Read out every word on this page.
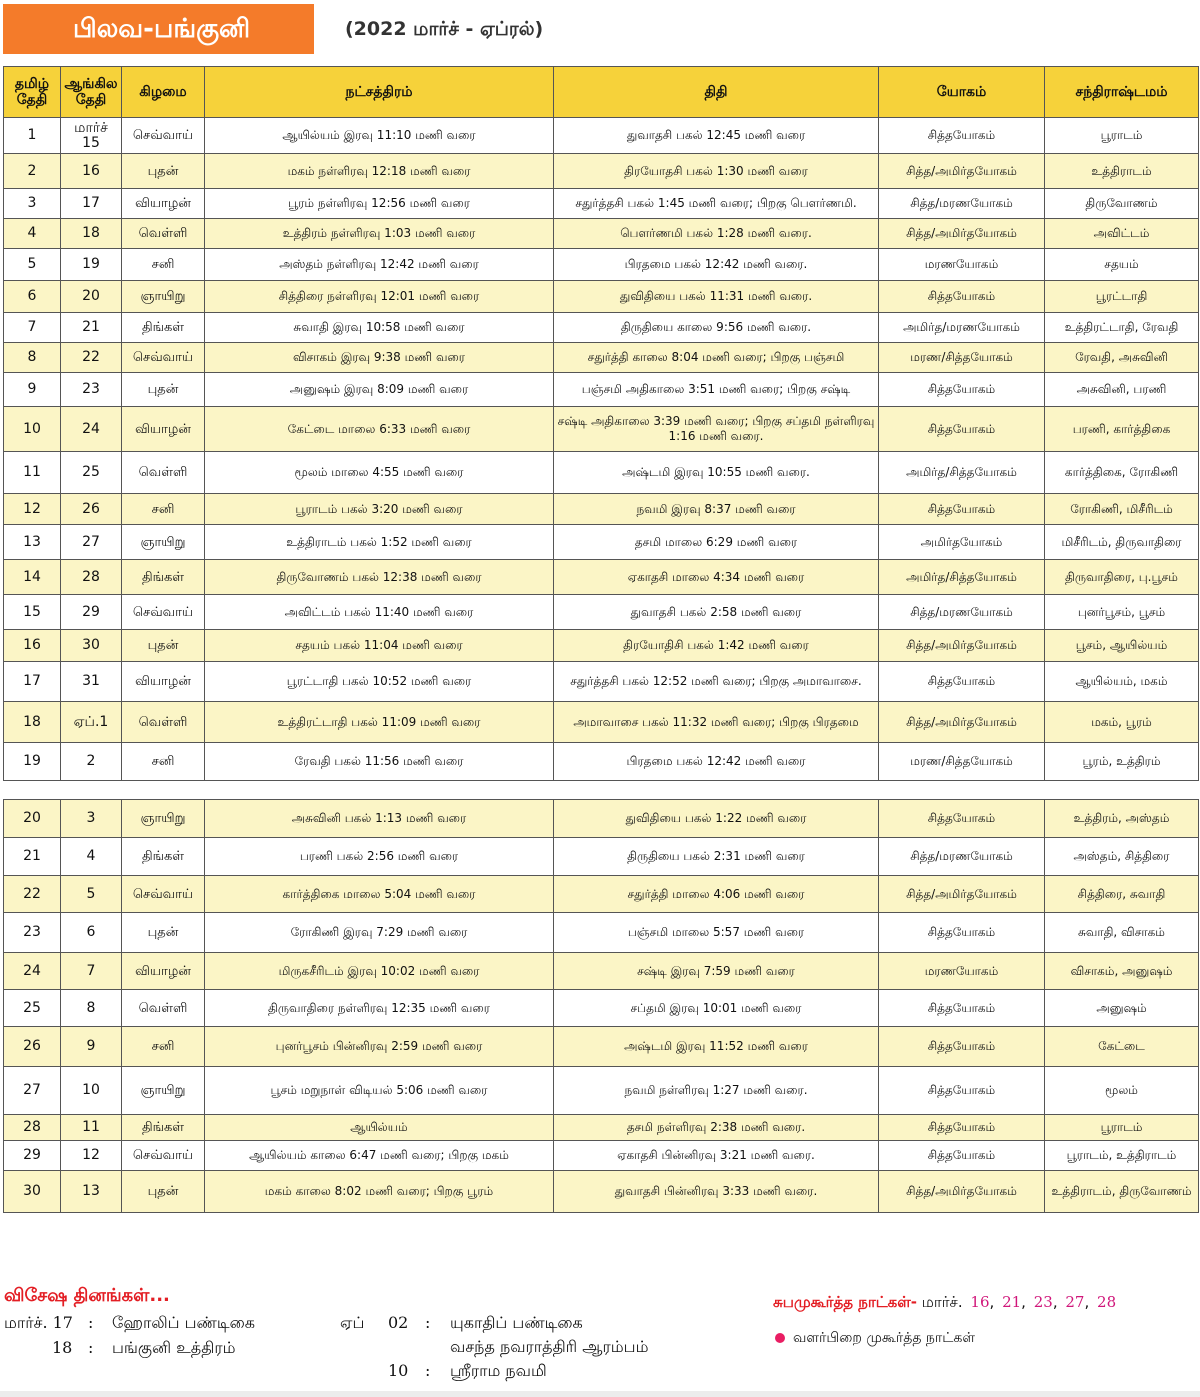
பிலவ-பங்குனி	(2022 மார்ச் - ஏப்ரல்)
தமிழ் தேதி	ஆங்கில தேதி	கிழமை	நட்சத்திரம்	திதி	யோகம்	சந்திராஷ்டமம்
1	மார்ச் 15	செவ்வாய்	ஆயில்யம் இரவு 11:10 மணி வரை	துவாதசி பகல் 12:45 மணி வரை	சித்தயோகம்	பூராடம்
2	16	புதன்	மகம் நள்ளிரவு 12:18 மணி வரை	திரயோதசி பகல் 1:30 மணி வரை	சித்த/அமிர்தயோகம்	உத்திராடம்
3	17	வியாழன்	பூரம் நள்ளிரவு 12:56 மணி வரை	சதுர்த்தசி பகல் 1:45 மணி வரை; பிறகு பௌர்ணமி.	சித்த/மரணயோகம்	திருவோணம்
4	18	வெள்ளி	உத்திரம் நள்ளிரவு 1:03 மணி வரை	பௌர்ணமி பகல் 1:28 மணி வரை.	சித்த/அமிர்தயோகம்	அவிட்டம்
5	19	சனி	அஸ்தம் நள்ளிரவு 12:42 மணி வரை	பிரதமை பகல் 12:42 மணி வரை.	மரணயோகம்	சதயம்
6	20	ஞாயிறு	சித்திரை நள்ளிரவு 12:01 மணி வரை	துவிதியை பகல் 11:31 மணி வரை.	சித்தயோகம்	பூரட்டாதி
7	21	திங்கள்	சுவாதி இரவு 10:58 மணி வரை	திருதியை காலை 9:56 மணி வரை.	அமிர்த/மரணயோகம்	உத்திரட்டாதி, ரேவதி
8	22	செவ்வாய்	விசாகம் இரவு 9:38 மணி வரை	சதுர்த்தி காலை 8:04 மணி வரை; பிறகு பஞ்சமி	மரண/சித்தயோகம்	ரேவதி, அசுவினி
9	23	புதன்	அனுஷம் இரவு 8:09 மணி வரை	பஞ்சமி அதிகாலை 3:51 மணி வரை; பிறகு சஷ்டி	சித்தயோகம்	அசுவினி, பரணி
10	24	வியாழன்	கேட்டை மாலை 6:33 மணி வரை	சஷ்டி அதிகாலை 3:39 மணி வரை; பிறகு சப்தமி நள்ளிரவு 1:16 மணி வரை.	சித்தயோகம்	பரணி, கார்த்திகை
11	25	வெள்ளி	மூலம் மாலை 4:55 மணி வரை	அஷ்டமி இரவு 10:55 மணி வரை.	அமிர்த/சித்தயோகம்	கார்த்திகை, ரோகிணி
12	26	சனி	பூராடம் பகல் 3:20 மணி வரை	நவமி இரவு 8:37 மணி வரை	சித்தயோகம்	ரோகிணி, மிசீரிடம்
13	27	ஞாயிறு	உத்திராடம் பகல் 1:52 மணி வரை	தசமி மாலை 6:29 மணி வரை	அமிர்தயோகம்	மிசீரிடம், திருவாதிரை
14	28	திங்கள்	திருவோணம் பகல் 12:38 மணி வரை	ஏகாதசி மாலை 4:34 மணி வரை	அமிர்த/சித்தயோகம்	திருவாதிரை, பு.பூசம்
15	29	செவ்வாய்	அவிட்டம் பகல் 11:40 மணி வரை	துவாதசி பகல் 2:58 மணி வரை	சித்த/மரணயோகம்	புனர்பூசம், பூசம்
16	30	புதன்	சதயம் பகல் 11:04 மணி வரை	திரயோதிசி பகல் 1:42 மணி வரை	சித்த/அமிர்தயோகம்	பூசம், ஆயில்யம்
17	31	வியாழன்	பூரட்டாதி பகல் 10:52 மணி வரை	சதுர்த்தசி பகல் 12:52 மணி வரை; பிறகு அமாவாசை.	சித்தயோகம்	ஆயில்யம், மகம்
18	ஏப்.1	வெள்ளி	உத்திரட்டாதி பகல் 11:09 மணி வரை	அமாவாசை பகல் 11:32 மணி வரை; பிறகு பிரதமை	சித்த/அமிர்தயோகம்	மகம், பூரம்
19	2	சனி	ரேவதி பகல் 11:56 மணி வரை	பிரதமை பகல் 12:42 மணி வரை	மரண/சித்தயோகம்	பூரம், உத்திரம்
20	3	ஞாயிறு	அசுவினி பகல் 1:13 மணி வரை	துவிதியை பகல் 1:22 மணி வரை	சித்தயோகம்	உத்திரம், அஸ்தம்
21	4	திங்கள்	பரணி பகல் 2:56 மணி வரை	திருதியை பகல் 2:31 மணி வரை	சித்த/மரணயோகம்	அஸ்தம், சித்திரை
22	5	செவ்வாய்	கார்த்திகை மாலை 5:04 மணி வரை	சதுர்த்தி மாலை 4:06 மணி வரை	சித்த/அமிர்தயோகம்	சித்திரை, சுவாதி
23	6	புதன்	ரோகிணி இரவு 7:29 மணி வரை	பஞ்சமி மாலை 5:57 மணி வரை	சித்தயோகம்	சுவாதி, விசாகம்
24	7	வியாழன்	மிருகசீரிடம் இரவு 10:02 மணி வரை	சஷ்டி இரவு 7:59 மணி வரை	மரணயோகம்	விசாகம், அனுஷம்
25	8	வெள்ளி	திருவாதிரை நள்ளிரவு 12:35 மணி வரை	சப்தமி இரவு 10:01 மணி வரை	சித்தயோகம்	அனுஷம்
26	9	சனி	புனர்பூசம் பின்னிரவு 2:59 மணி வரை	அஷ்டமி இரவு 11:52 மணி வரை	சித்தயோகம்	கேட்டை
27	10	ஞாயிறு	பூசம் மறுநாள் விடியல் 5:06 மணி வரை	நவமி நள்ளிரவு 1:27 மணி வரை.	சித்தயோகம்	மூலம்
28	11	திங்கள்	ஆயில்யம்	தசமி நள்ளிரவு 2:38 மணி வரை.	சித்தயோகம்	பூராடம்
29	12	செவ்வாய்	ஆயில்யம் காலை 6:47 மணி வரை; பிறகு மகம்	ஏகாதசி பின்னிரவு 3:21 மணி வரை.	சித்தயோகம்	பூராடம், உத்திராடம்
30	13	புதன்	மகம் காலை 8:02 மணி வரை; பிறகு பூரம்	துவாதசி பின்னிரவு 3:33 மணி வரை.	சித்த/அமிர்தயோகம்	உத்திராடம், திருவோணம்
விசேஷ தினங்கள்...
மார்ச். 17 : ஹோலிப் பண்டிகை
18 : பங்குனி உத்திரம்
ஏப் 02 : யுகாதிப் பண்டிகை
வசந்த நவராத்திரி ஆரம்பம்
10 : ஸ்ரீராம நவமி
சுபமுகூர்த்த நாட்கள்- மார்ச். 16, 21, 23, 27, 28
வளர்பிறை முகூர்த்த நாட்கள்
